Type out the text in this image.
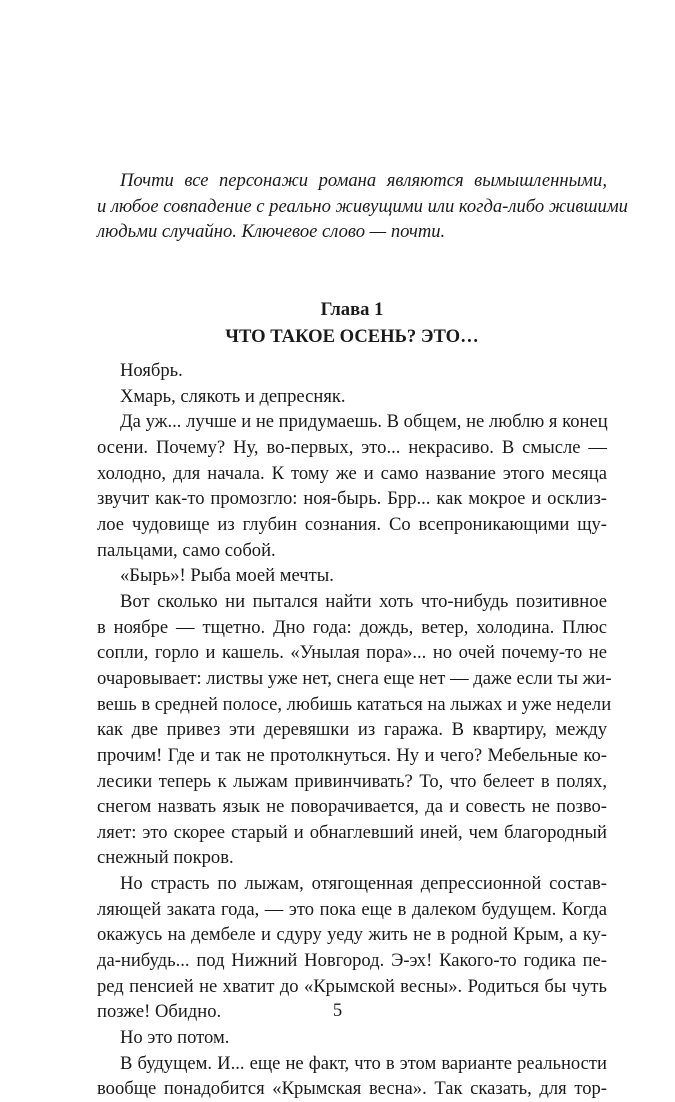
Почти все персонажи романа являются вымышленными,
и любое совпадение с реально живущими или когда-либо жившими
людьми случайно. Ключевое слово — почти.
Глава 1
ЧТО ТАКОЕ ОСЕНЬ? ЭТО…
Ноябрь.
Хмарь, слякоть и депресняк.
Да уж... лучше и не придумаешь. В общем, не люблю я конец
осени. Почему? Ну, во-первых, это... некрасиво. В смысле —
холодно, для начала. К тому же и само название этого месяца
звучит как-то промозгло: ноя-бырь. Брр... как мокрое и осклиз-
лое чудовище из глубин сознания. Со всепроникающими щу-
пальцами, само собой.
«Бырь»! Рыба моей мечты.
Вот сколько ни пытался найти хоть что-нибудь позитивное
в ноябре — тщетно. Дно года: дождь, ветер, холодина. Плюс
сопли, горло и кашель. «Унылая пора»... но очей почему-то не
очаровывает: листвы уже нет, снега еще нет — даже если ты жи-
вешь в средней полосе, любишь кататься на лыжах и уже недели
как две привез эти деревяшки из гаража. В квартиру, между
прочим! Где и так не протолкнуться. Ну и чего? Мебельные ко-
лесики теперь к лыжам привинчивать? То, что белеет в полях,
снегом назвать язык не поворачивается, да и совесть не позво-
ляет: это скорее старый и обнаглевший иней, чем благородный
снежный покров.
Но страсть по лыжам, отягощенная депрессионной состав-
ляющей заката года, — это пока еще в далеком будущем. Когда
окажусь на дембеле и сдуру уеду жить не в родной Крым, а ку-
да-нибудь... под Нижний Новгород. Э-эх! Какого-то годика пе-
ред пенсией не хватит до «Крымской весны». Родиться бы чуть
позже! Обидно.
Но это потом.
В будущем. И... еще не факт, что в этом варианте реальности
вообще понадобится «Крымская весна». Так сказать, для тор-
5
